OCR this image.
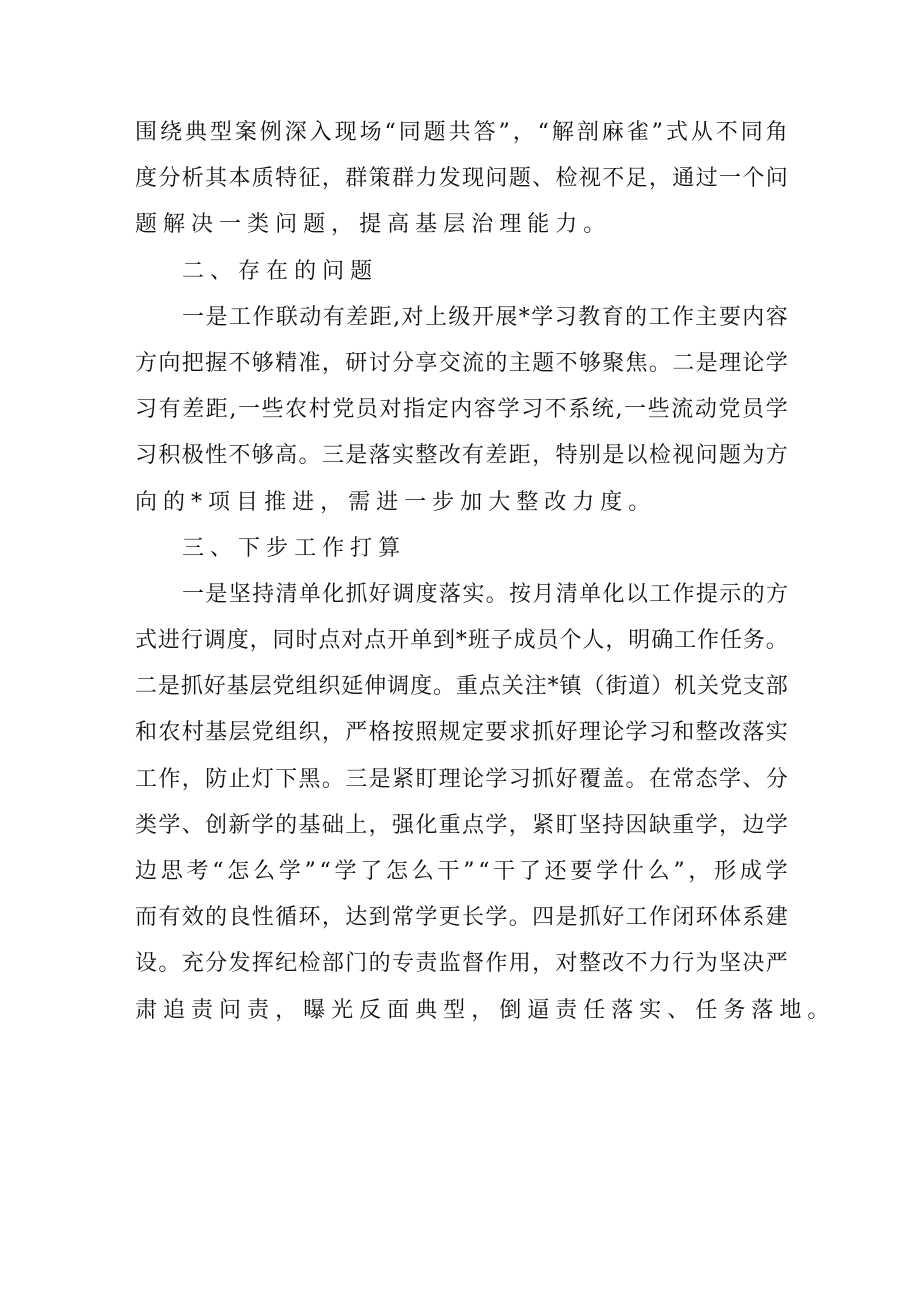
围 绕 典 型 案 例 深 入 现 场 “ 同 题 共 答 ” ， “ 解 剖 麻 雀 ” 式 从 不 同 角
度 分 析 其 本 质 特 征 ， 群 策 群 力 发 现 问 题 、 检 视 不 足 ， 通 过 一 个 问
题 解 决 一 类 问 题 ， 提 高 基 层 治 理 能 力 。
二 、 存 在 的 问 题
一 是 工 作 联 动 有 差 距 , 对 上 级 开 展 * 学 习 教 育 的 工 作 主 要 内 容
方 向 把 握 不 够 精 准 ， 研 讨 分 享 交 流 的 主 题 不 够 聚 焦 。 二 是 理 论 学
习 有 差 距 , 一 些 农 村 党 员 对 指 定 内 容 学 习 不 系 统 , 一 些 流 动 党 员 学
习 积 极 性 不 够 高 。 三 是 落 实 整 改 有 差 距 ， 特 别 是 以 检 视 问 题 为 方
向 的 * 项 目 推 进 ， 需 进 一 步 加 大 整 改 力 度 。
三 、 下 步 工 作 打 算
一 是 坚 持 清 单 化 抓 好 调 度 落 实 。 按 月 清 单 化 以 工 作 提 示 的 方
式 进 行 调 度 ， 同 时 点 对 点 开 单 到 * 班 子 成 员 个 人 ， 明 确 工 作 任 务 。
二 是 抓 好 基 层 党 组 织 延 伸 调 度 。 重 点 关 注 * 镇 （ 街 道 ） 机 关 党 支 部
和 农 村 基 层 党 组 织 ， 严 格 按 照 规 定 要 求 抓 好 理 论 学 习 和 整 改 落 实
工 作 ， 防 止 灯 下 黑 。 三 是 紧 盯 理 论 学 习 抓 好 覆 盖 。 在 常 态 学 、 分
类 学 、 创 新 学 的 基 础 上 ， 强 化 重 点 学 ， 紧 盯 坚 持 因 缺 重 学 ， 边 学
边 思 考 “ 怎 么 学 ” “ 学 了 怎 么 干 ” “ 干 了 还 要 学 什 么 ” ， 形 成 学
而 有 效 的 良 性 循 环 ， 达 到 常 学 更 长 学 。 四 是 抓 好 工 作 闭 环 体 系 建
设 。 充 分 发 挥 纪 检 部 门 的 专 责 监 督 作 用 ， 对 整 改 不 力 行 为 坚 决 严
肃 追 责 问 责 ， 曝 光 反 面 典 型 ， 倒 逼 责 任 落 实 、 任 务 落 地 。
